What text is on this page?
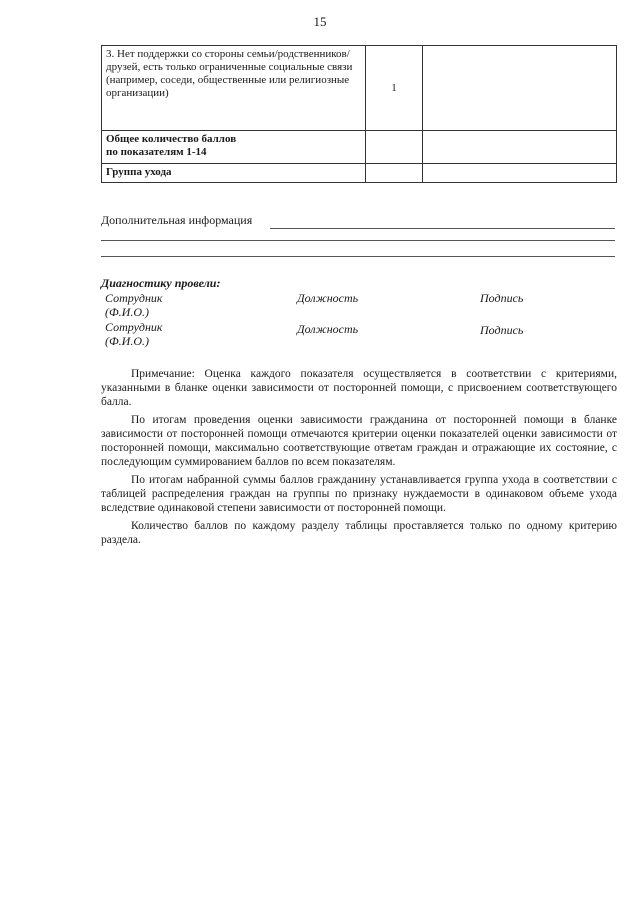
15
3. Нет поддержки со стороны семьи/родственников/друзей, есть только ограниченные социальные связи (например, соседи, общественные или религиозные организации)	1	

Общее количество баллов
по показателям 1-14		

Группа ухода		
Дополнительная информация
Диагностику провели:
Сотрудник
(Ф.И.О.)
Должность	Подпись
Сотрудник
(Ф.И.О.)
Должность	Подпись

Примечание: Оценка каждого показателя осуществляется в соответствии с критериями, указанными в бланке оценки зависимости от посторонней помощи, с присвоением соответствующего балла.

По итогам проведения оценки зависимости гражданина от посторонней помощи в бланке зависимости от посторонней помощи отмечаются критерии оценки показателей оценки зависимости от посторонней помощи, максимально соответствующие ответам граждан и отражающие их состояние, с последующим суммированием баллов по всем показателям.

По итогам набранной суммы баллов гражданину устанавливается группа ухода в соответствии с таблицей распределения граждан на группы по признаку нуждаемости в одинаковом объеме ухода вследствие одинаковой степени зависимости от посторонней помощи.

Количество баллов по каждому разделу таблицы проставляется только по одному критерию раздела.
